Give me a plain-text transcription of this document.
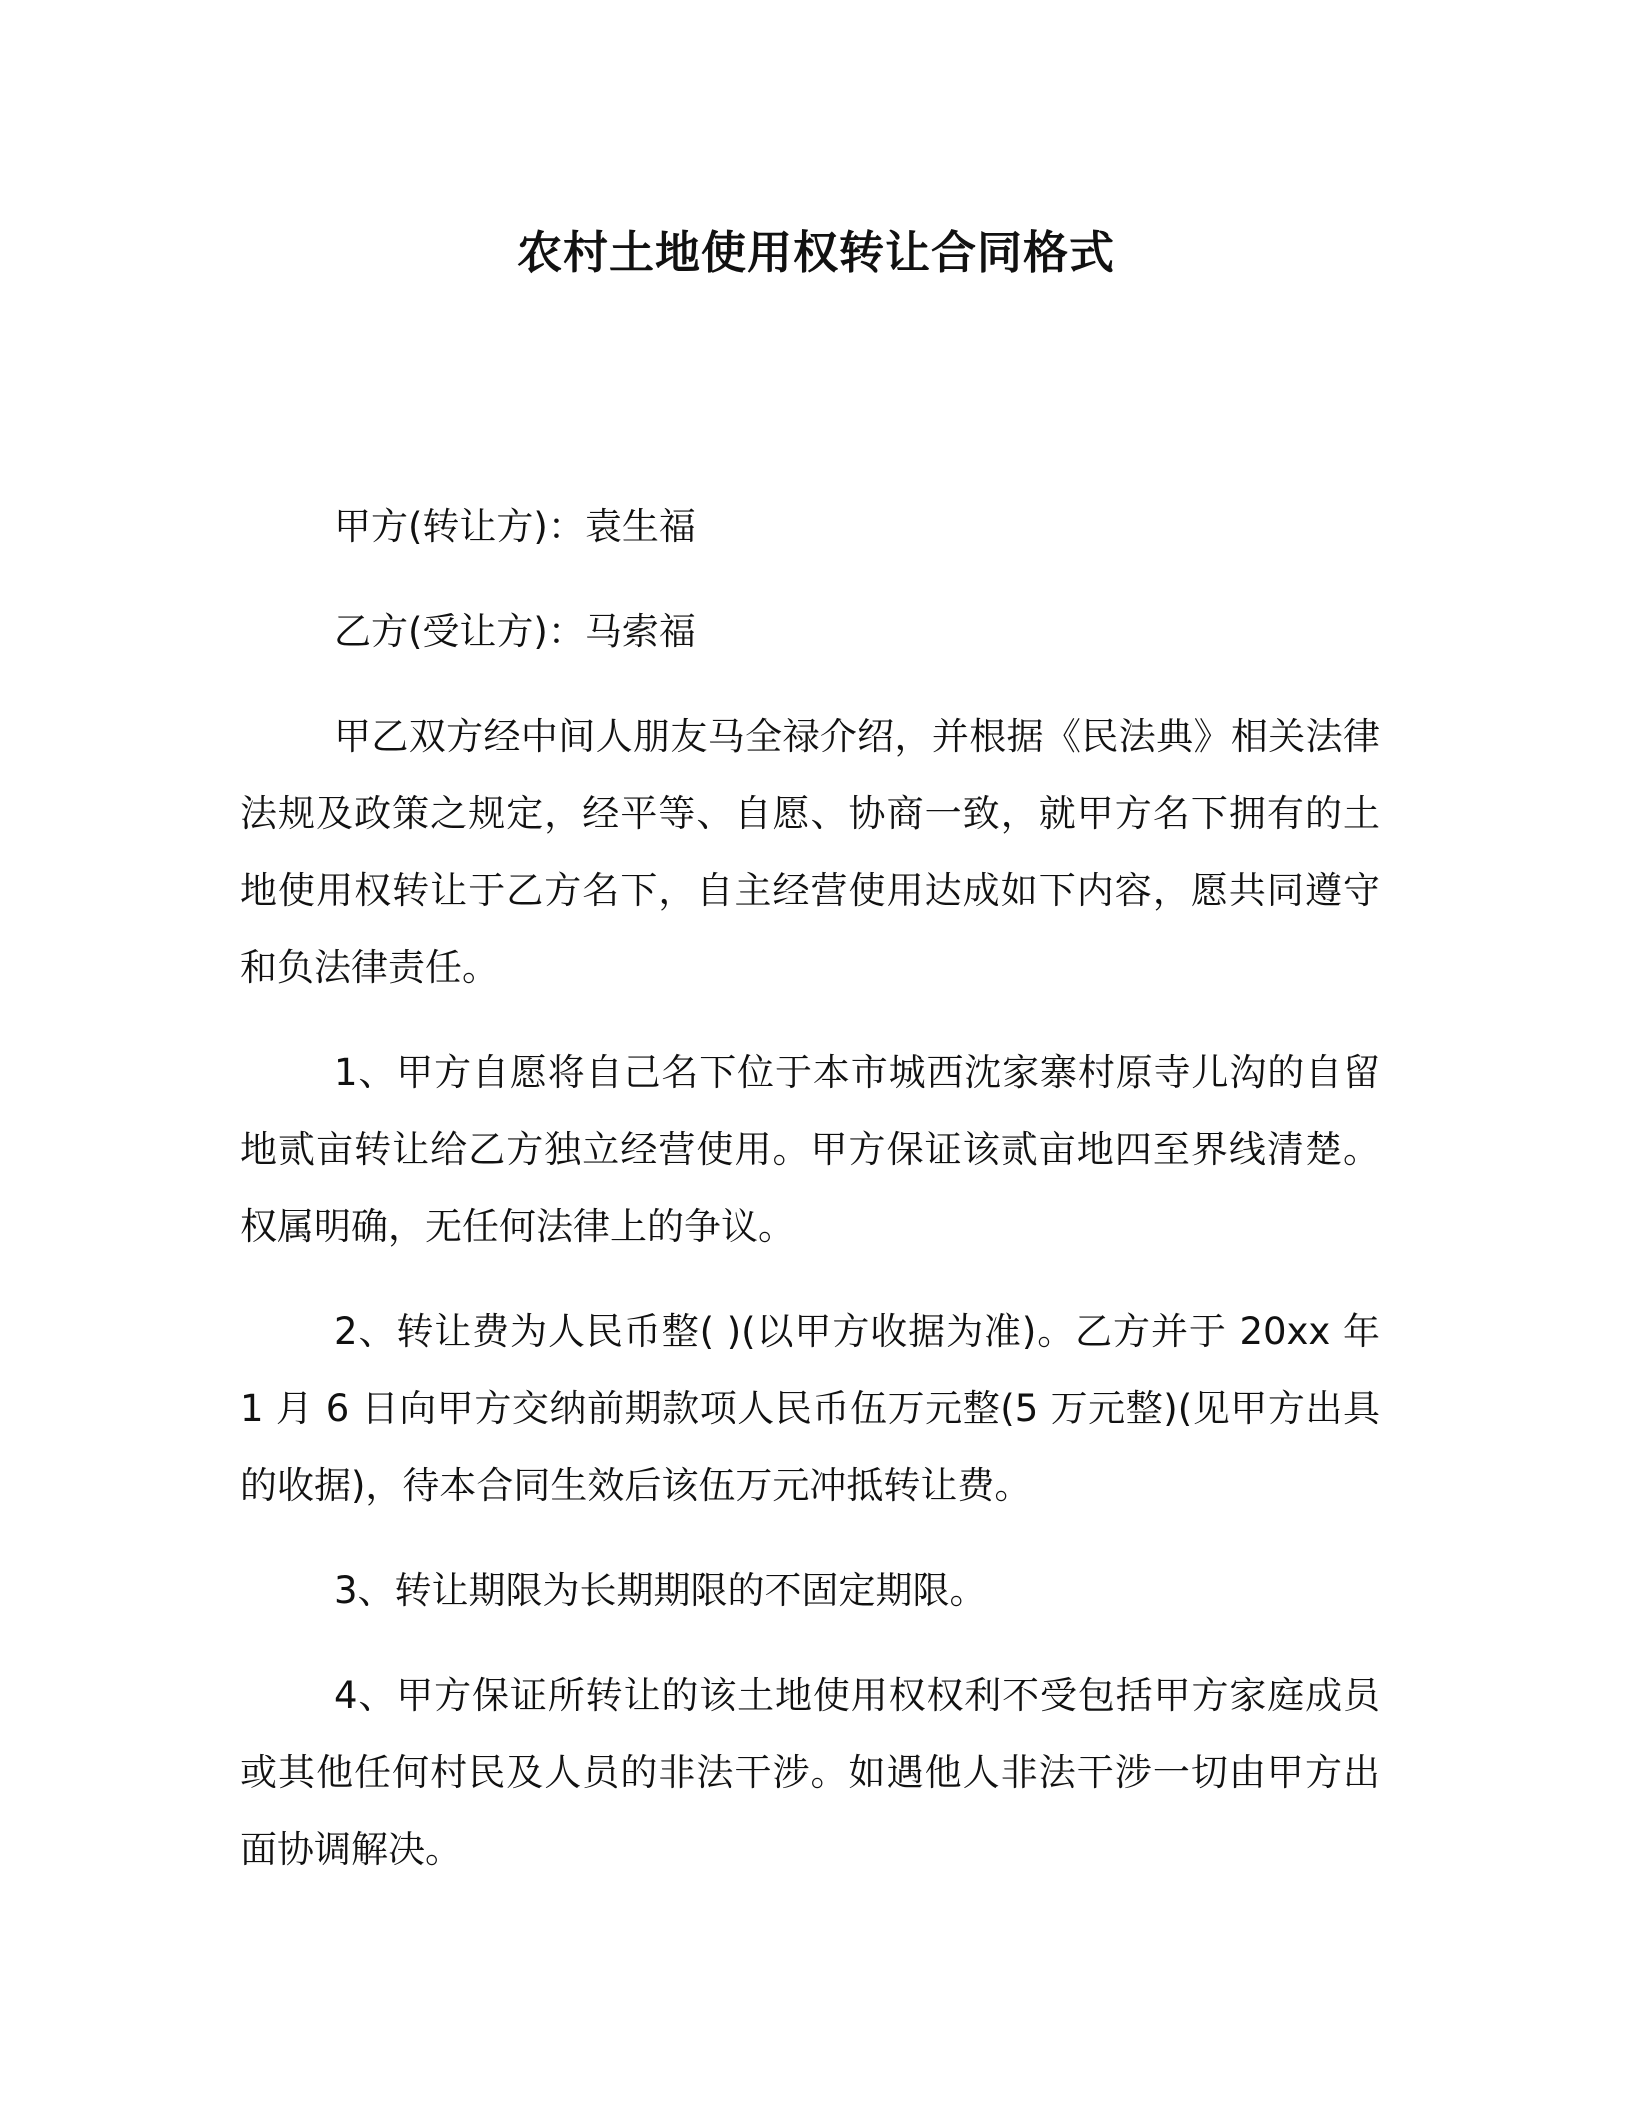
农村土地使用权转让合同格式

甲方(转让方)：袁生福

乙方(受让方)：马索福

甲乙双方经中间人朋友马全禄介绍，并根据《民法典》相关法律法规及政策之规定，经平等、自愿、协商一致，就甲方名下拥有的土地使用权转让于乙方名下，自主经营使用达成如下内容，愿共同遵守和负法律责任。

1、甲方自愿将自己名下位于本市城西沈家寨村原寺儿沟的自留地贰亩转让给乙方独立经营使用。甲方保证该贰亩地四至界线清楚。权属明确，无任何法律上的争议。

2、转让费为人民币整( )(以甲方收据为准)。乙方并于 20xx 年 1 月 6 日向甲方交纳前期款项人民币伍万元整(5 万元整)(见甲方出具的收据)，待本合同生效后该伍万元冲抵转让费。

3、转让期限为长期期限的不固定期限。

4、甲方保证所转让的该土地使用权权利不受包括甲方家庭成员或其他任何村民及人员的非法干涉。如遇他人非法干涉一切由甲方出面协调解决。
